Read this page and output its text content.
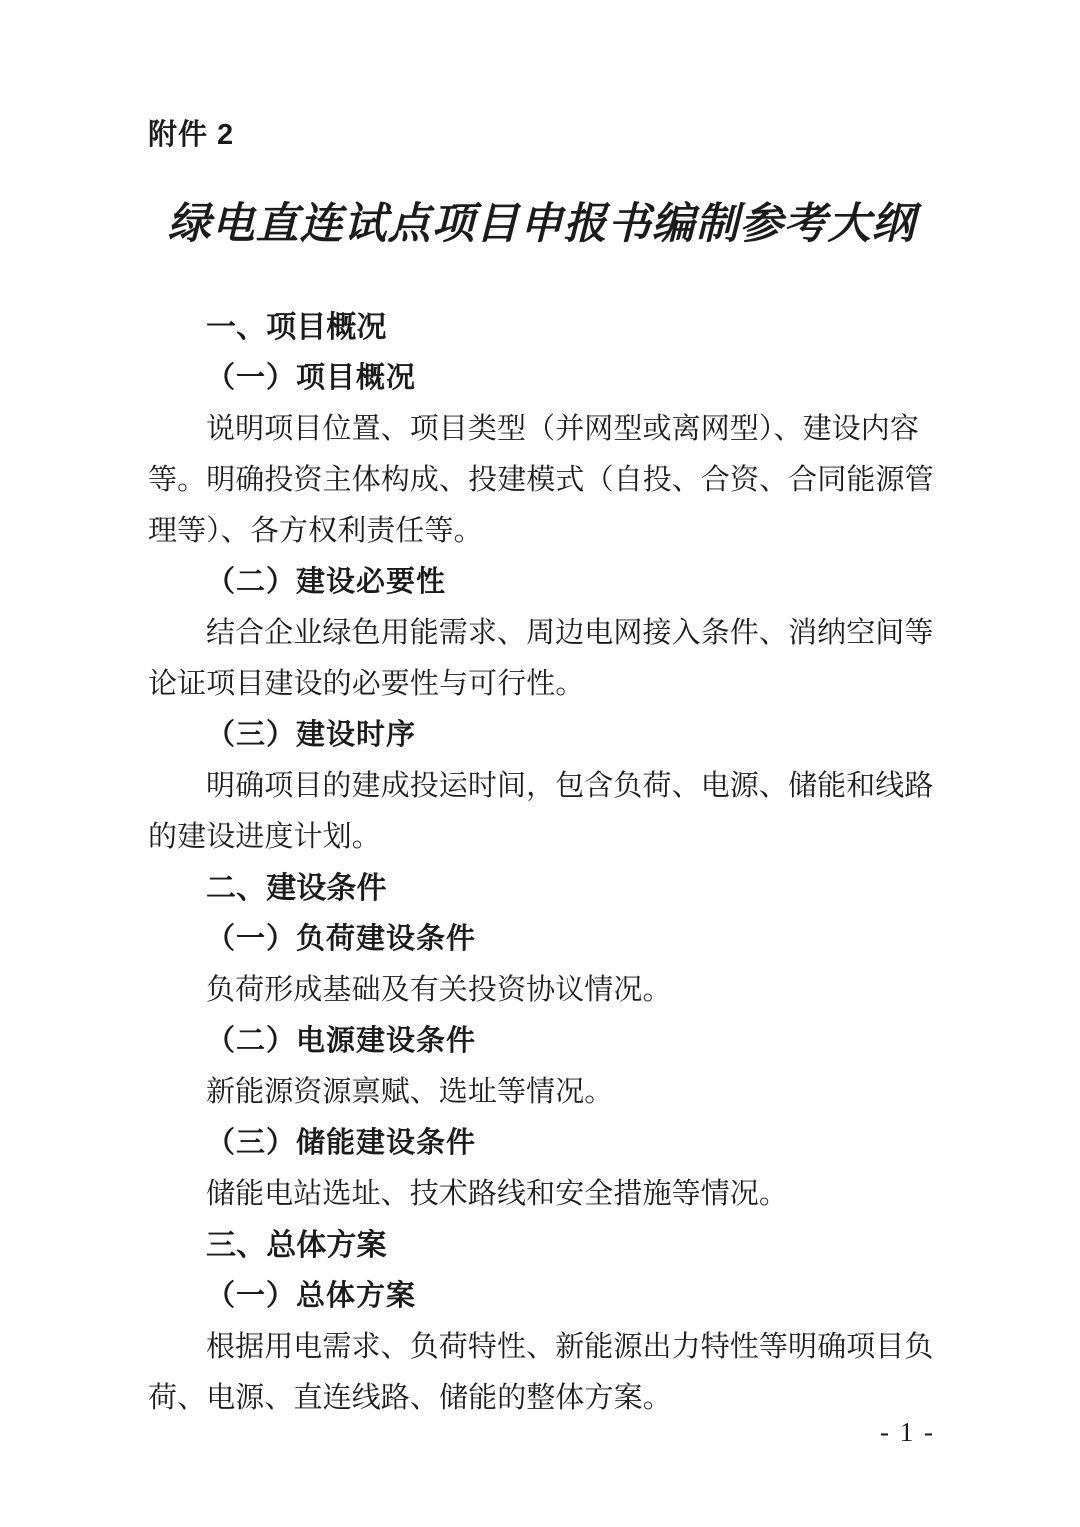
附件 2
绿电直连试点项目申报书编制参考大纲
一、项目概况
（一）项目概况
说明项目位置、项目类型（并网型或离网型）、建设内容
等。明确投资主体构成、投建模式（自投、合资、合同能源管
理等）、各方权利责任等。
（二）建设必要性
结合企业绿色用能需求、周边电网接入条件、消纳空间等
论证项目建设的必要性与可行性。
（三）建设时序
明确项目的建成投运时间，包含负荷、电源、储能和线路
的建设进度计划。
二、建设条件
（一）负荷建设条件
负荷形成基础及有关投资协议情况。
（二）电源建设条件
新能源资源禀赋、选址等情况。
（三）储能建设条件
储能电站选址、技术路线和安全措施等情况。
三、总体方案
（一）总体方案
根据用电需求、负荷特性、新能源出力特性等明确项目负
荷、电源、直连线路、储能的整体方案。
- 1 -
